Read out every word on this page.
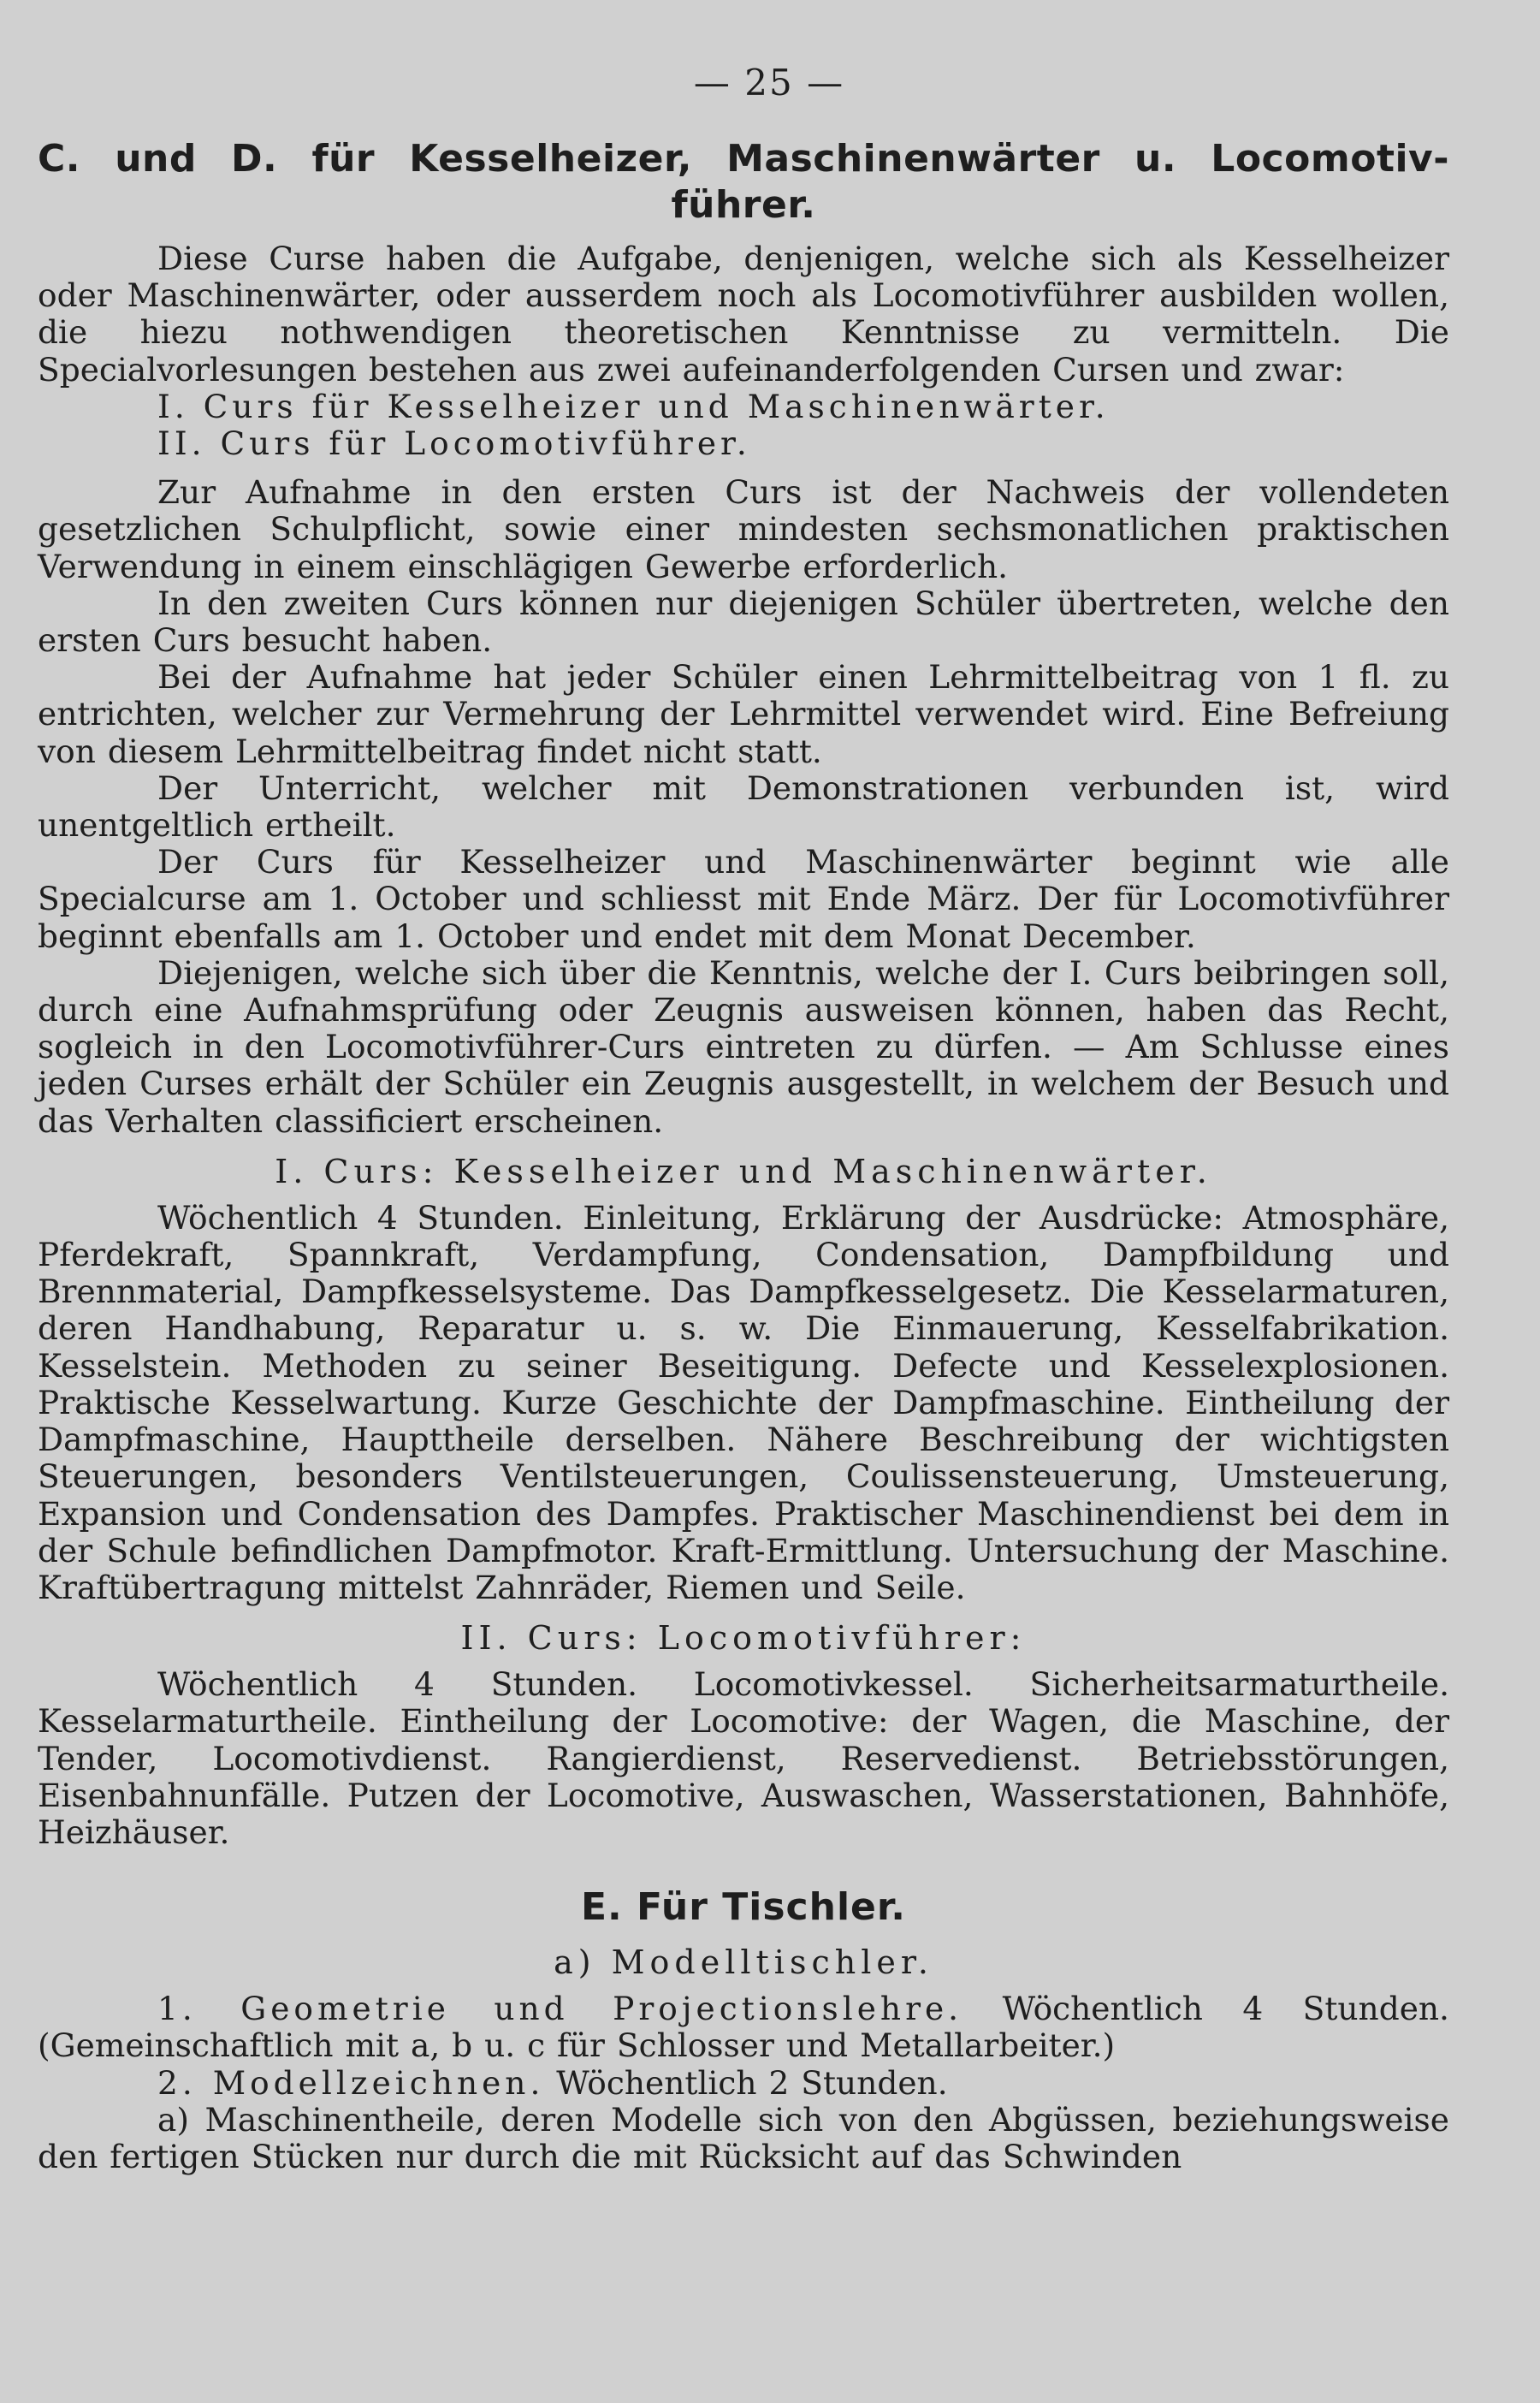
— 25 —
C. und D. für Kesselheizer, Maschinenwärter u. Locomotiv-
führer.

Diese Curse haben die Aufgabe, denjenigen, welche sich als Kesselheizer oder Maschinenwärter, oder ausserdem noch als Locomotivführer ausbilden wollen, die hiezu nothwendigen theoretischen Kenntnisse zu vermitteln. Die Specialvorlesungen bestehen aus zwei aufeinanderfolgenden Cursen und zwar:

I. Curs für Kesselheizer und Maschinenwärter.
II. Curs für Locomotivführer.

Zur Aufnahme in den ersten Curs ist der Nachweis der vollendeten gesetzlichen Schulpflicht, sowie einer mindesten sechsmonatlichen praktischen Verwendung in einem einschlägigen Gewerbe erforderlich.

In den zweiten Curs können nur diejenigen Schüler übertreten, welche den ersten Curs besucht haben.

Bei der Aufnahme hat jeder Schüler einen Lehrmittelbeitrag von 1 fl. zu entrichten, welcher zur Vermehrung der Lehrmittel verwendet wird. Eine Befreiung von diesem Lehrmittelbeitrag findet nicht statt.

Der Unterricht, welcher mit Demonstrationen verbunden ist, wird unentgeltlich ertheilt.

Der Curs für Kesselheizer und Maschinenwärter beginnt wie alle Specialcurse am 1. October und schliesst mit Ende März. Der für Locomotivführer beginnt ebenfalls am 1. October und endet mit dem Monat December.

Diejenigen, welche sich über die Kenntnis, welche der I. Curs beibringen soll, durch eine Aufnahmsprüfung oder Zeugnis ausweisen können, haben das Recht, sogleich in den Locomotivführer-Curs eintreten zu dürfen. — Am Schlusse eines jeden Curses erhält der Schüler ein Zeugnis ausgestellt, in welchem der Besuch und das Verhalten classificiert erscheinen.

I. Curs: Kesselheizer und Maschinenwärter.

Wöchentlich 4 Stunden. Einleitung, Erklärung der Ausdrücke: Atmosphäre, Pferdekraft, Spannkraft, Verdampfung, Condensation, Dampfbildung und Brennmaterial, Dampfkesselsysteme. Das Dampfkesselgesetz. Die Kesselarmaturen, deren Handhabung, Reparatur u. s. w. Die Einmauerung, Kesselfabrikation. Kesselstein. Methoden zu seiner Beseitigung. Defecte und Kesselexplosionen. Praktische Kesselwartung. Kurze Geschichte der Dampfmaschine. Eintheilung der Dampfmaschine, Haupttheile derselben. Nähere Beschreibung der wichtigsten Steuerungen, besonders Ventilsteuerungen, Coulissensteuerung, Umsteuerung, Expansion und Condensation des Dampfes. Praktischer Maschinendienst bei dem in der Schule befindlichen Dampfmotor. Kraft-Ermittlung. Untersuchung der Maschine. Kraftübertragung mittelst Zahnräder, Riemen und Seile.

II. Curs: Locomotivführer:

Wöchentlich 4 Stunden. Locomotivkessel. Sicherheitsarmaturtheile. Kesselarmaturtheile. Eintheilung der Locomotive: der Wagen, die Maschine, der Tender, Locomotivdienst. Rangierdienst, Reservedienst. Betriebsstörungen, Eisenbahnunfälle. Putzen der Locomotive, Auswaschen, Wasserstationen, Bahnhöfe, Heizhäuser.

E. Für Tischler.
a) Modelltischler.

1. Geometrie und Projectionslehre. Wöchentlich 4 Stunden. (Gemeinschaftlich mit a, b u. c für Schlosser und Metallarbeiter.)

2. Modellzeichnen. Wöchentlich 2 Stunden.

a) Maschinentheile, deren Modelle sich von den Abgüssen, beziehungsweise den fertigen Stücken nur durch die mit Rücksicht auf das Schwinden
